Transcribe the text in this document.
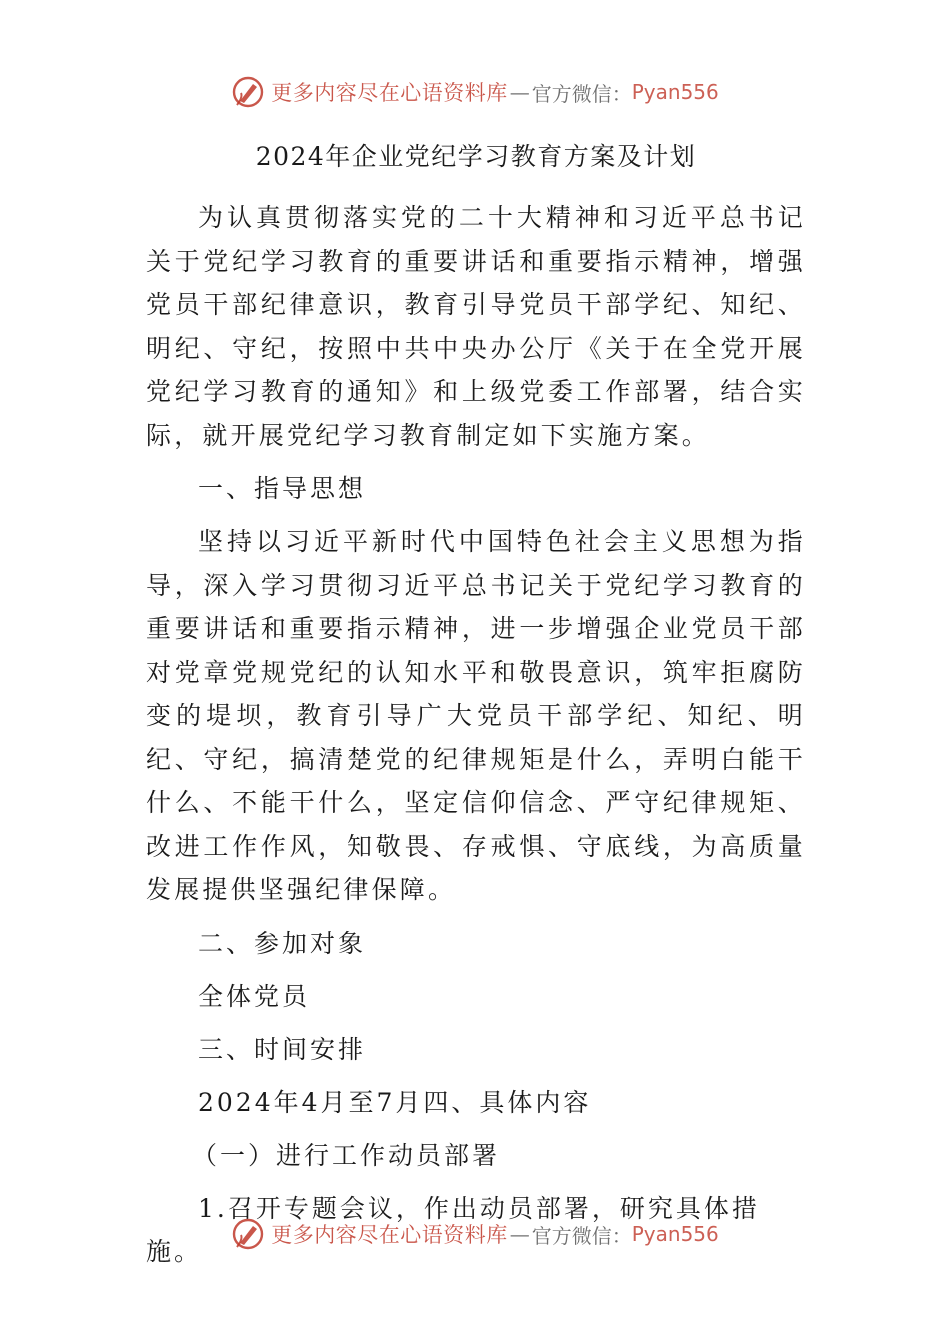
更多内容尽在心语资料库 — 官方微信： Pyan556
2024年企业党纪学习教育方案及计划

为认真贯彻落实党的二十大精神和习近平总书记关于党纪学习教育的重要讲话和重要指示精神，增强党员干部纪律意识，教育引导党员干部学纪、知纪、明纪、守纪，按照中共中央办公厅《关于在全党开展党纪学习教育的通知》和上级党委工作部署，结合实际，就开展党纪学习教育制定如下实施方案。

一、指导思想

坚持以习近平新时代中国特色社会主义思想为指导，深入学习贯彻习近平总书记关于党纪学习教育的重要讲话和重要指示精神，进一步增强企业党员干部对党章党规党纪的认知水平和敬畏意识，筑牢拒腐防变的堤坝，教育引导广大党员干部学纪、知纪、明纪、守纪，搞清楚党的纪律规矩是什么，弄明白能干什么、不能干什么，坚定信仰信念、严守纪律规矩、改进工作作风，知敬畏、存戒惧、守底线，为高质量发展提供坚强纪律保障。

二、参加对象
全体党员
三、时间安排
2024年4月至7月四、具体内容
（一）进行工作动员部署
1.召开专题会议，作出动员部署，研究具体措施。
更多内容尽在心语资料库 — 官方微信： Pyan556
